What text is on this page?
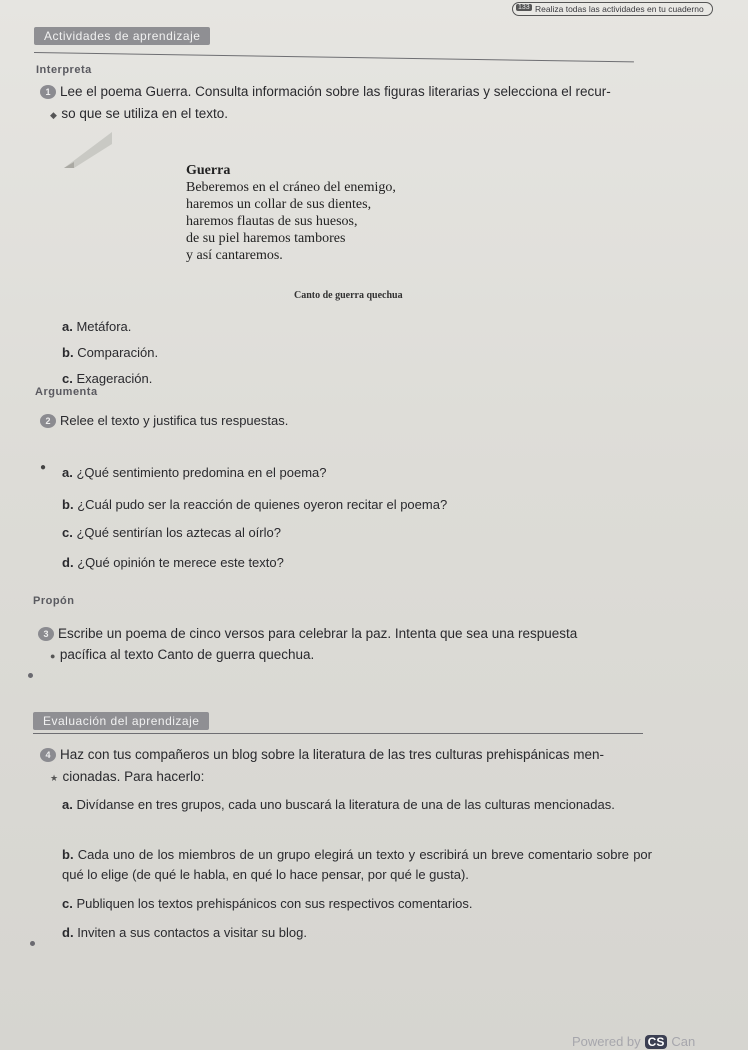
133 Realiza todas las actividades en tu cuaderno
Actividades de aprendizaje
Interpreta
1 Lee el poema Guerra. Consulta información sobre las figuras literarias y selecciona el recur-
◆ so que se utiliza en el texto.
Guerra
Beberemos en el cráneo del enemigo,
haremos un collar de sus dientes,
haremos flautas de sus huesos,
de su piel haremos tambores
y así cantaremos.
Canto de guerra quechua
a. Metáfora.
b. Comparación.
c. Exageración.
Argumenta
2 Relee el texto y justifica tus respuestas.
● a. ¿Qué sentimiento predomina en el poema?
b. ¿Cuál pudo ser la reacción de quienes oyeron recitar el poema?
c. ¿Qué sentirían los aztecas al oírlo?
d. ¿Qué opinión te merece este texto?
Propón
3 Escribe un poema de cinco versos para celebrar la paz. Intenta que sea una respuesta
● pacífica al texto Canto de guerra quechua.
Evaluación del aprendizaje
4 Haz con tus compañeros un blog sobre la literatura de las tres culturas prehispánicas men-
★ cionadas. Para hacerlo:
a. Divídanse en tres grupos, cada uno buscará la literatura de una de las culturas mencionadas.
b. Cada uno de los miembros de un grupo elegirá un texto y escribirá un breve comentario sobre por qué lo elige (de qué le habla, en qué lo hace pensar, por qué le gusta).
c. Publiquen los textos prehispánicos con sus respectivos comentarios.
d. Inviten a sus contactos a visitar su blog.
Powered by CS Can
